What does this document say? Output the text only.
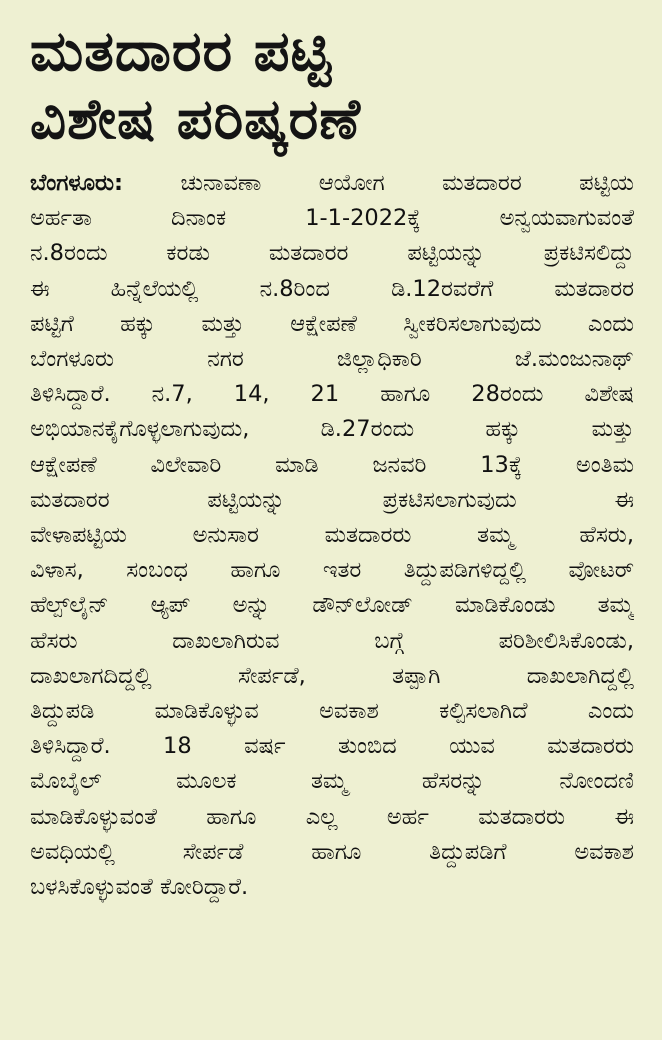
ಮತದಾರರ ಪಟ್ಟಿ
ವಿಶೇಷ ಪರಿಷ್ಕರಣೆ
ಬೆಂಗಳೂರು: ಚುನಾವಣಾ ಆಯೋಗ ಮತದಾರರ ಪಟ್ಟಿಯ
ಅರ್ಹತಾ ದಿನಾಂಕ 1-1-2022ಕ್ಕೆ ಅನ್ವಯವಾಗುವಂತೆ
ನ.8ರಂದು ಕರಡು ಮತದಾರರ ಪಟ್ಟಿಯನ್ನು ಪ್ರಕಟಿಸಲಿದ್ದು
ಈ ಹಿನ್ನೆಲೆಯಲ್ಲಿ ನ.8ರಿಂದ ಡಿ.12ರವರೆಗೆ ಮತದಾರರ
ಪಟ್ಟಿಗೆ ಹಕ್ಕು ಮತ್ತು ಆಕ್ಷೇಪಣೆ ಸ್ವೀಕರಿಸಲಾಗುವುದು ಎಂದು
ಬೆಂಗಳೂರು ನಗರ ಜಿಲ್ಲಾಧಿಕಾರಿ ಜೆ.ಮಂಜುನಾಥ್
ತಿಳಿಸಿದ್ದಾರೆ. ನ.7, 14, 21 ಹಾಗೂ 28ರಂದು ವಿಶೇಷ
ಅಭಿಯಾನಕೈಗೊಳ್ಳಲಾಗುವುದು, ಡಿ.27ರಂದು ಹಕ್ಕು ಮತ್ತು
ಆಕ್ಷೇಪಣೆ ವಿಲೇವಾರಿ ಮಾಡಿ ಜನವರಿ 13ಕ್ಕೆ ಅಂತಿಮ
ಮತದಾರರ ಪಟ್ಟಿಯನ್ನು ಪ್ರಕಟಿಸಲಾಗುವುದು ಈ
ವೇಳಾಪಟ್ಟಿಯ ಅನುಸಾರ ಮತದಾರರು ತಮ್ಮ ಹೆಸರು,
ವಿಳಾಸ, ಸಂಬಂಧ ಹಾಗೂ ಇತರ ತಿದ್ದುಪಡಿಗಳಿದ್ದಲ್ಲಿ ವೋಟರ್
ಹೆಲ್ಪ್‌ಲೈನ್ ಆ್ಯಪ್ ಅನ್ನು ಡೌನ್‌ಲೋಡ್ ಮಾಡಿಕೊಂಡು ತಮ್ಮ
ಹೆಸರು ದಾಖಲಾಗಿರುವ ಬಗ್ಗೆ ಪರಿಶೀಲಿಸಿಕೊಂಡು,
ದಾಖಲಾಗದಿದ್ದಲ್ಲಿ ಸೇರ್ಪಡೆ, ತಪ್ಪಾಗಿ ದಾಖಲಾಗಿದ್ದಲ್ಲಿ
ತಿದ್ದುಪಡಿ ಮಾಡಿಕೊಳ್ಳುವ ಅವಕಾಶ ಕಲ್ಪಿಸಲಾಗಿದೆ ಎಂದು
ತಿಳಿಸಿದ್ದಾರೆ. 18 ವರ್ಷ ತುಂಬಿದ ಯುವ ಮತದಾರರು
ಮೊಬೈಲ್ ಮೂಲಕ ತಮ್ಮ ಹೆಸರನ್ನು ನೋಂದಣಿ
ಮಾಡಿಕೊಳ್ಳುವಂತೆ ಹಾಗೂ ಎಲ್ಲ ಅರ್ಹ ಮತದಾರರು ಈ
ಅವಧಿಯಲ್ಲಿ ಸೇರ್ಪಡೆ ಹಾಗೂ ತಿದ್ದುಪಡಿಗೆ ಅವಕಾಶ
ಬಳಸಿಕೊಳ್ಳುವಂತೆ ಕೋರಿದ್ದಾರೆ.
